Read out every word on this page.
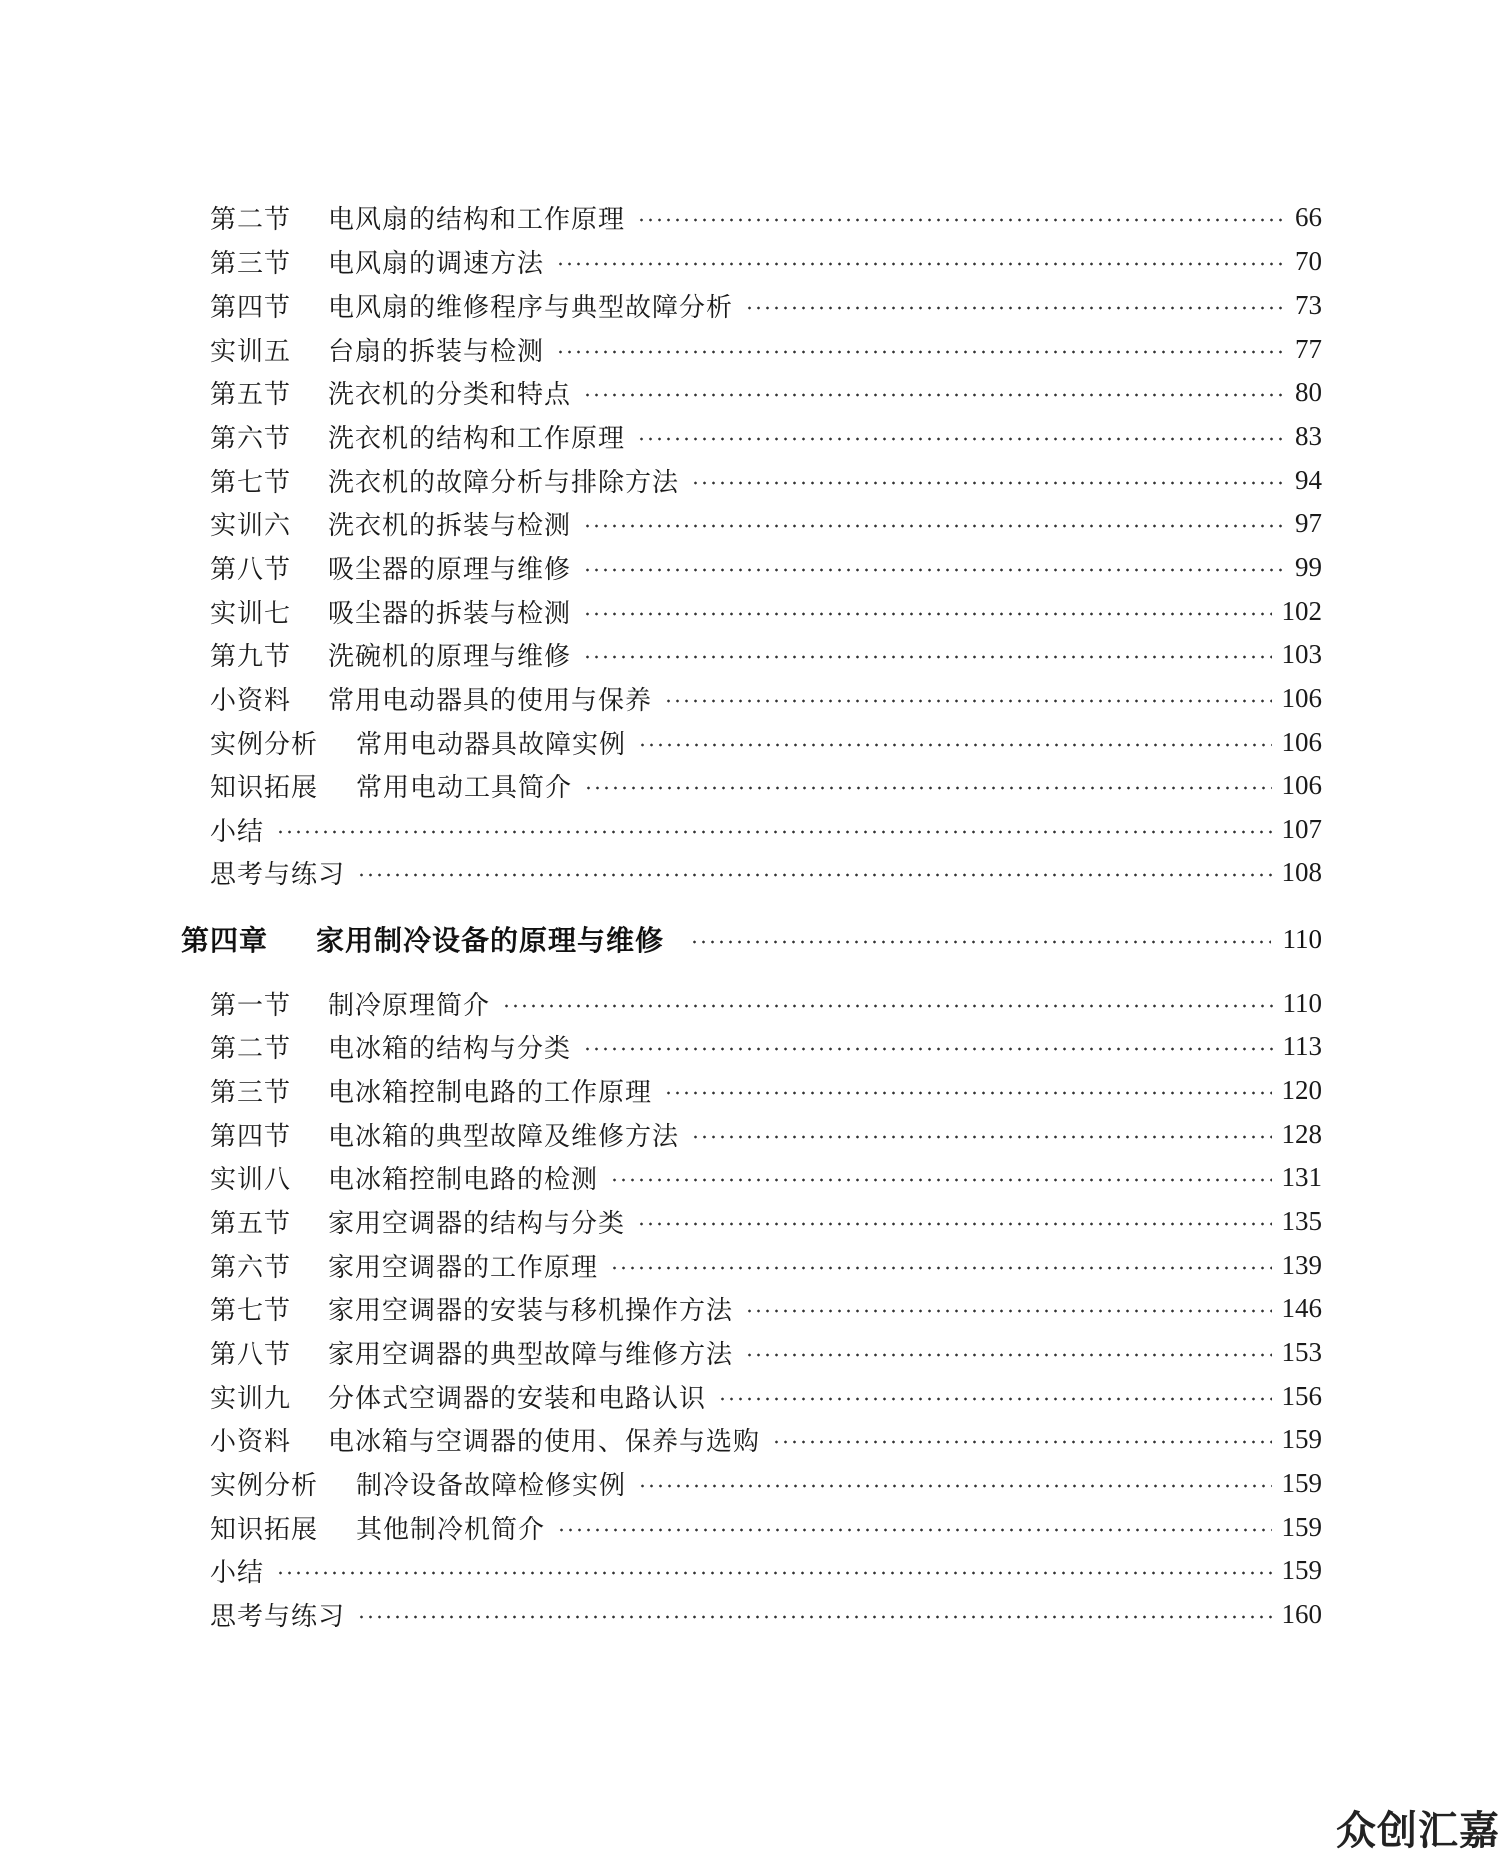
第二节	电风扇的结构和工作原理	66
第三节	电风扇的调速方法	70
第四节	电风扇的维修程序与典型故障分析	73
实训五	台扇的拆装与检测	77
第五节	洗衣机的分类和特点	80
第六节	洗衣机的结构和工作原理	83
第七节	洗衣机的故障分析与排除方法	94
实训六	洗衣机的拆装与检测	97
第八节	吸尘器的原理与维修	99
实训七	吸尘器的拆装与检测	102
第九节	洗碗机的原理与维修	103
小资料	常用电动器具的使用与保养	106
实例分析	常用电动器具故障实例	106
知识拓展	常用电动工具简介	106
小结	107
思考与练习	108
第四章	家用制冷设备的原理与维修	110
第一节	制冷原理简介	110
第二节	电冰箱的结构与分类	113
第三节	电冰箱控制电路的工作原理	120
第四节	电冰箱的典型故障及维修方法	128
实训八	电冰箱控制电路的检测	131
第五节	家用空调器的结构与分类	135
第六节	家用空调器的工作原理	139
第七节	家用空调器的安装与移机操作方法	146
第八节	家用空调器的典型故障与维修方法	153
实训九	分体式空调器的安装和电路认识	156
小资料	电冰箱与空调器的使用、保养与选购	159
实例分析	制冷设备故障检修实例	159
知识拓展	其他制冷机简介	159
小结	159
思考与练习	160
众创汇嘉
